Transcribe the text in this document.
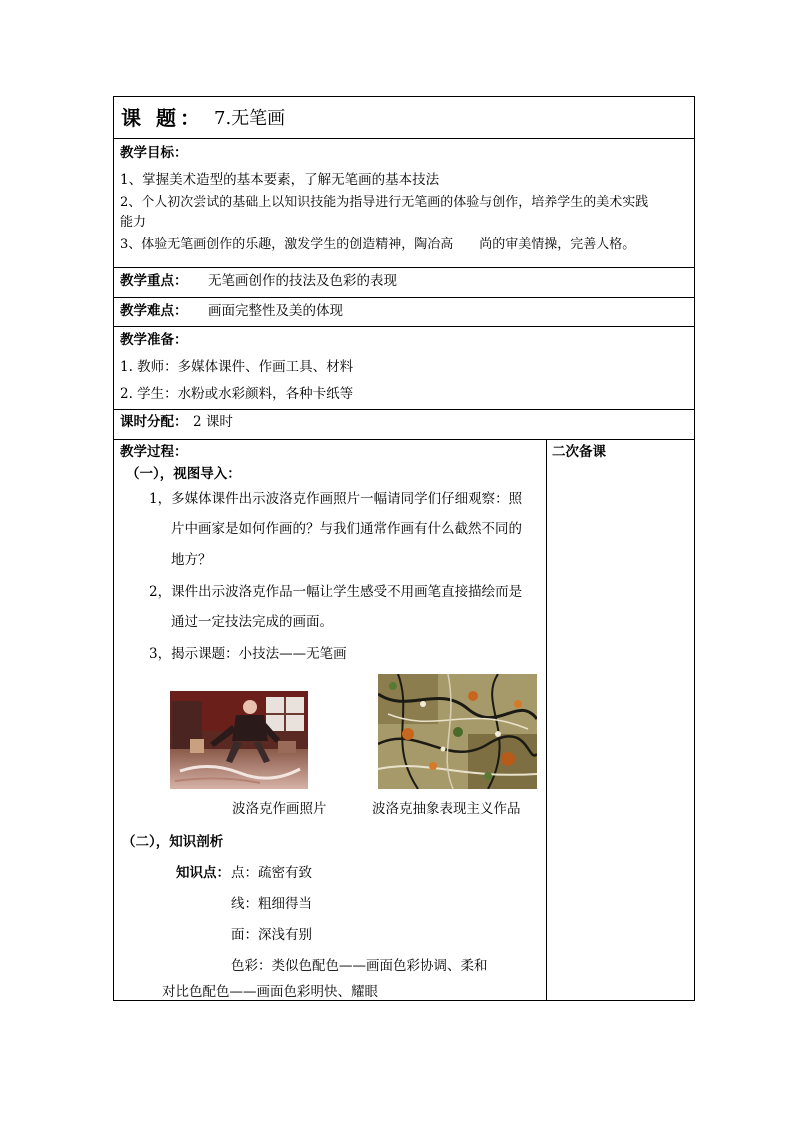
课 题： 7.无笔画
教学目标：
1、掌握美术造型的基本要素，了解无笔画的基本技法
2、个人初次尝试的基础上以知识技能为指导进行无笔画的体验与创作，培养学生的美术实践
能力
3、体验无笔画创作的乐趣，激发学生的创造精神，陶冶高　　尚的审美情操，完善人格。
教学重点： 无笔画创作的技法及色彩的表现
教学难点： 画面完整性及美的体现
教学准备：
1. 教师：多媒体课件、作画工具、材料
2. 学生：水粉或水彩颜料，各种卡纸等
课时分配： 2 课时
教学过程：	二次备课
（一），视图导入：
1，多媒体课件出示波洛克作画照片一幅请同学们仔细观察：照
片中画家是如何作画的？与我们通常作画有什么截然不同的
地方？
2，课件出示波洛克作品一幅让学生感受不用画笔直接描绘而是
通过一定技法完成的画面。
3，揭示课题：小技法——无笔画
波洛克作画照片	波洛克抽象表现主义作品
（二），知识剖析
知识点： 点：疏密有致
线：粗细得当
面：深浅有别
色彩：类似色配色——画面色彩协调、柔和
对比色配色——画面色彩明快、耀眼
